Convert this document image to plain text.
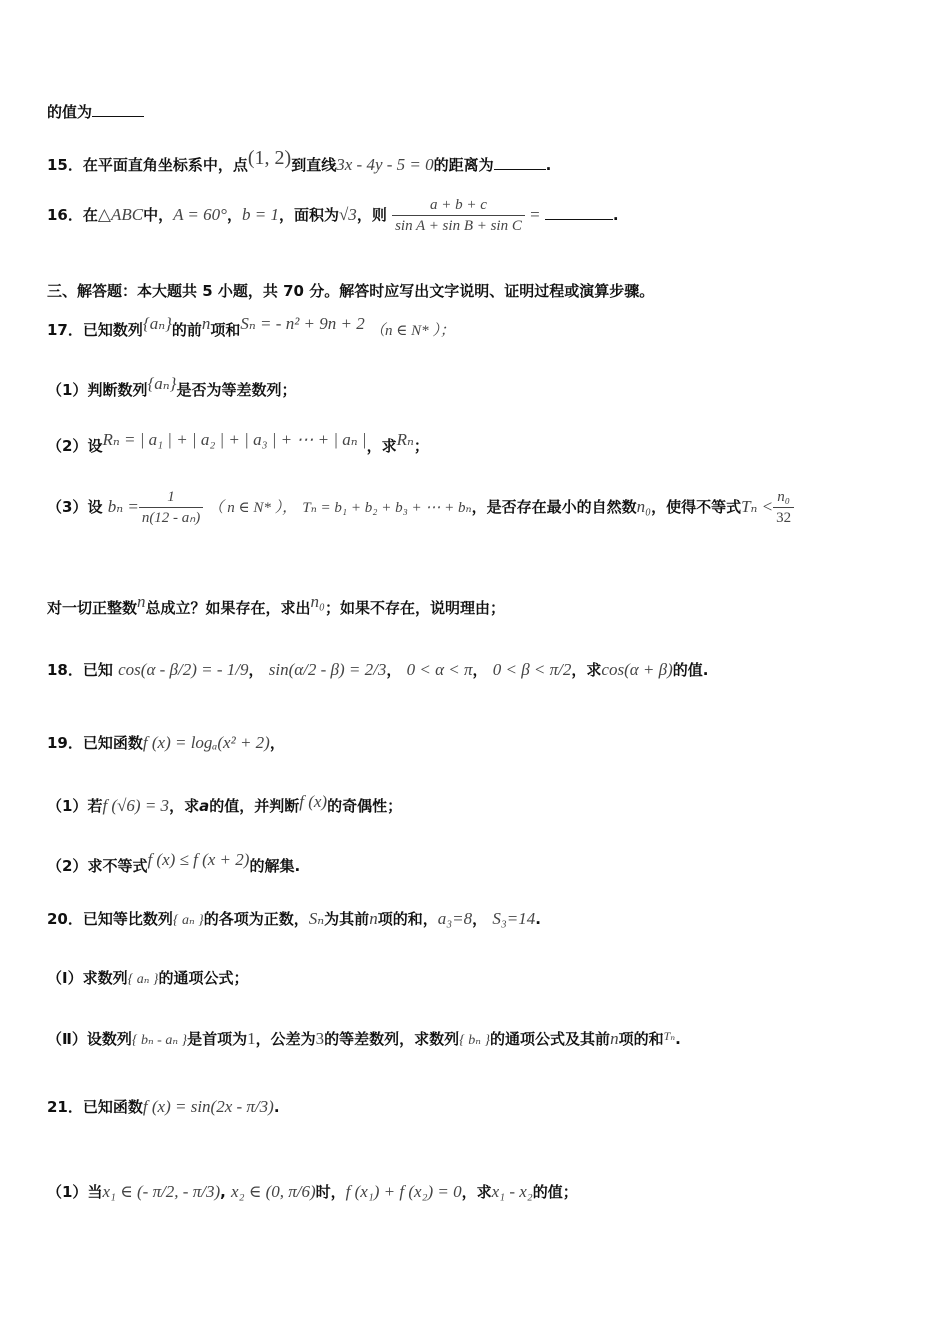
的值为
15．在平面直角坐标系中，点(1, 2)到直线3x - 4y - 5 = 0的距离为	.
16．在△ABC中，A = 60°，b = 1，面积为√3，则 $\frac{a + b + c}{\text{sin A + sin B + sin C}}$ =	.
三、解答题：本大题共 5 小题，共 70 分。解答时应写出文字说明、证明过程或演算步骤。
17．已知数列{aₙ}的前n项和Sₙ = - n² + 9n + 2 （n ∈ N* ）；
（1）判断数列{aₙ}是否为等差数列；
（2）设Rₙ = | a₁ | + | a₂ | + | a₃ | + ⋯ + | aₙ |，求Rₙ；
（3）设 $b_n = \frac{1}{\text{n(12 - aₙ)}}$ （ n ∈ N* ）， Tₙ = b₁ + b₂ + b₃ + ⋯ + bₙ，是否存在最小的自然数n₀，使得不等式$T_n < \frac{\text{n₀}}{32}$
对一切正整数n总成立？如果存在，求出n₀；如果不存在，说明理由；
18．已知 cos(α - β/2) = - 1/9， sin(α/2 - β) = 2/3， 0 < α < π， 0 < β < π/2，求cos(α + β)的值.
19．已知函数f (x) = logₐ(x² + 2)，
（1）若f (√6) = 3，求a的值，并判断f (x)的奇偶性；
（2）求不等式f (x) ≤ f (x + 2)的解集.
20．已知等比数列{ aₙ }的各项为正数，Sₙ为其前n项的和，a₃=8， S₃=14.
（Ⅰ）求数列{ aₙ }的通项公式；
（Ⅱ）设数列{ bₙ - aₙ }是首项为1，公差为3的等差数列，求数列{ bₙ }的通项公式及其前n项的和$^{T_n}$.
21．已知函数f (x) = sin(2x - π/3).
（1）当x₁ ∈ (- π/2, - π/3), x₂ ∈ (0, π/6)时，f (x₁) + f (x₂) = 0，求x₁ - x₂的值；
